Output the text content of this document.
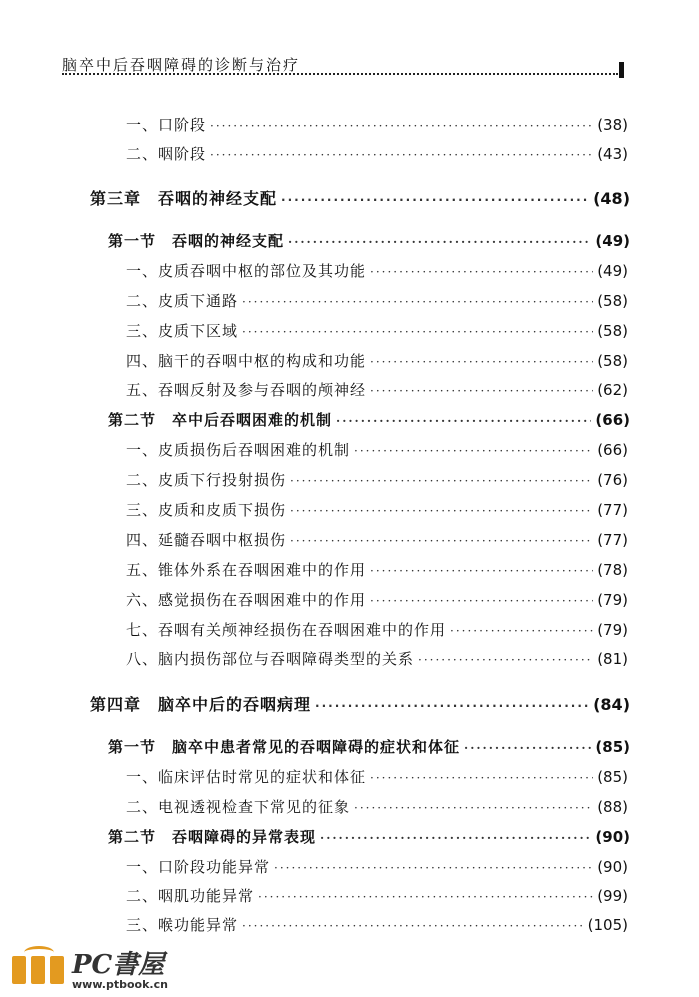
脑卒中后吞咽障碍的诊断与治疗
一、口阶段 ·····	(38)
二、咽阶段 ·····	(43)
第三章　吞咽的神经支配 ·····	(48)
第一节　吞咽的神经支配 ·····	(49)
一、皮质吞咽中枢的部位及其功能 ·····	(49)
二、皮质下通路 ·····	(58)
三、皮质下区域 ·····	(58)
四、脑干的吞咽中枢的构成和功能 ·····	(58)
五、吞咽反射及参与吞咽的颅神经 ·····	(62)
第二节　卒中后吞咽困难的机制 ·····	(66)
一、皮质损伤后吞咽困难的机制 ·····	(66)
二、皮质下行投射损伤 ·····	(76)
三、皮质和皮质下损伤 ·····	(77)
四、延髓吞咽中枢损伤 ·····	(77)
五、锥体外系在吞咽困难中的作用 ·····	(78)
六、感觉损伤在吞咽困难中的作用 ·····	(79)
七、吞咽有关颅神经损伤在吞咽困难中的作用 ·····	(79)
八、脑内损伤部位与吞咽障碍类型的关系 ·····	(81)
第四章　脑卒中后的吞咽病理 ·····	(84)
第一节　脑卒中患者常见的吞咽障碍的症状和体征 ·····	(85)
一、临床评估时常见的症状和体征 ·····	(85)
二、电视透视检查下常见的征象 ·····	(88)
第二节　吞咽障碍的异常表现 ·····	(90)
一、口阶段功能异常 ·····	(90)
二、咽肌功能异常 ·····	(99)
三、喉功能异常 ·····	(105)
PC書屋
www.ptbook.cn
